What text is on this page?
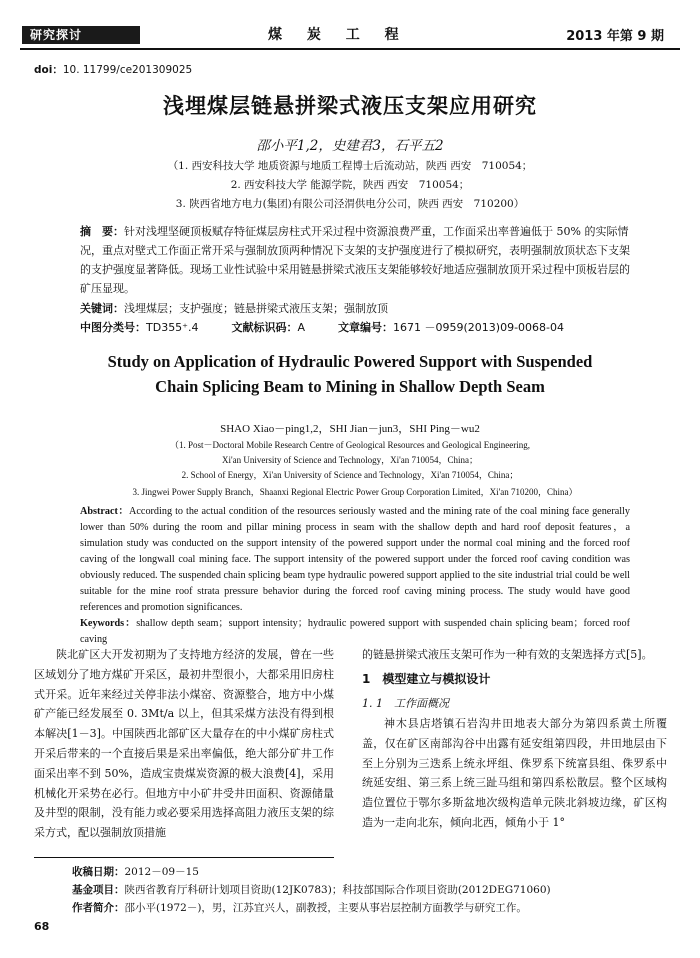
研究探讨	煤 炭 工 程	2013 年第 9 期
doi：10. 11799/ce201309025
浅埋煤层链悬拼梁式液压支架应用研究
邵小平1,2，史建君3，石平五2
（1. 西安科技大学 地质资源与地质工程博士后流动站，陕西 西安　710054；
2. 西安科技大学 能源学院，陕西 西安　710054；
3. 陕西省地方电力(集团)有限公司泾渭供电分公司，陕西 西安　710200）
摘　要：针对浅埋坚硬顶板赋存特征煤层房柱式开采过程中资源浪费严重，工作面采出率普遍低于 50% 的实际情况，重点对壁式工作面正常开采与强制放顶两种情况下支架的支护强度进行了模拟研究，表明强制放顶状态下支架的支护强度显著降低。现场工业性试验中采用链悬拼梁式液压支架能够较好地适应强制放顶开采过程中顶板岩层的矿压显现。
关键词：浅埋煤层；支护强度；链悬拼梁式液压支架；强制放顶
中图分类号：TD355⁺.4	文献标识码：A	文章编号：1671 －0959(2013)09-0068-04
Study on Application of Hydraulic Powered Support with Suspended
Chain Splicing Beam to Mining in Shallow Depth Seam
SHAO Xiao－ping1,2，SHI Jian－jun3，SHI Ping－wu2
（1. Post－Doctoral Mobile Research Centre of Geological Resources and Geological Engineering,
Xi'an University of Science and Technology，Xi'an 710054，China；
2. School of Energy，Xi'an University of Science and Technology，Xi'an 710054，China；
3. Jingwei Power Supply Branch，Shaanxi Regional Electric Power Group Corporation Limited，Xi'an 710200，China）
Abstract：According to the actual condition of the resources seriously wasted and the mining rate of the coal mining face generally lower than 50% during the room and pillar mining process in seam with the shallow depth and hard roof deposit features，a simulation study was conducted on the support intensity of the powered support under the normal coal mining and the forced roof caving of the longwall coal mining face. The support intensity of the powered support under the forced roof caving condition was obviously reduced. The suspended chain splicing beam type hydraulic powered support applied to the site industrial trial could be well suitable for the mine roof strata pressure behavior during the forced roof caving mining process. The study would have good references and promotion significances.
Keywords：shallow depth seam；support intensity；hydraulic powered support with suspended chain splicing beam；forced roof caving
陕北矿区大开发初期为了支持地方经济的发展，曾在一些区域划分了地方煤矿开采区，最初井型很小，大都采用旧房柱式开采。近年来经过关停非法小煤窑、资源整合，地方中小煤矿产能已经发展至 0. 3Mt/a 以上，但其采煤方法没有得到根本解决[1－3]。中国陕西北部矿区大量存在的中小煤矿房柱式开采后带来的一个直接后果是采出率偏低，绝大部分矿井工作面采出率不到 50%，造成宝贵煤炭资源的极大浪费[4]，采用机械化开采势在必行。但地方中小矿井受井田面积、资源储量及井型的限制，没有能力或必要采用选择高阻力液压支架的综采方式，配以强制放顶措施
的链悬拼梁式液压支架可作为一种有效的支架选择方式[5]。
1　模型建立与模拟设计
1. 1　工作面概况
神木县店塔镇石岩沟井田地表大部分为第四系黄土所覆盖，仅在矿区南部沟谷中出露有延安组第四段，井田地层由下至上分别为三迭系上统永坪组、侏罗系下统富县组、侏罗系中统延安组、第三系上统三趾马组和第四系松散层。整个区域构造位置位于鄂尔多斯盆地次级构造单元陕北斜坡边缘，矿区构造为一走向北东，倾向北西，倾角小于 1°
收稿日期：2012－09－15
基金项目：陕西省教育厅科研计划项目资助(12JK0783)；科技部国际合作项目资助(2012DEG71060)
作者简介：邵小平(1972－)，男，江苏宜兴人，副教授，主要从事岩层控制方面教学与研究工作。
68
